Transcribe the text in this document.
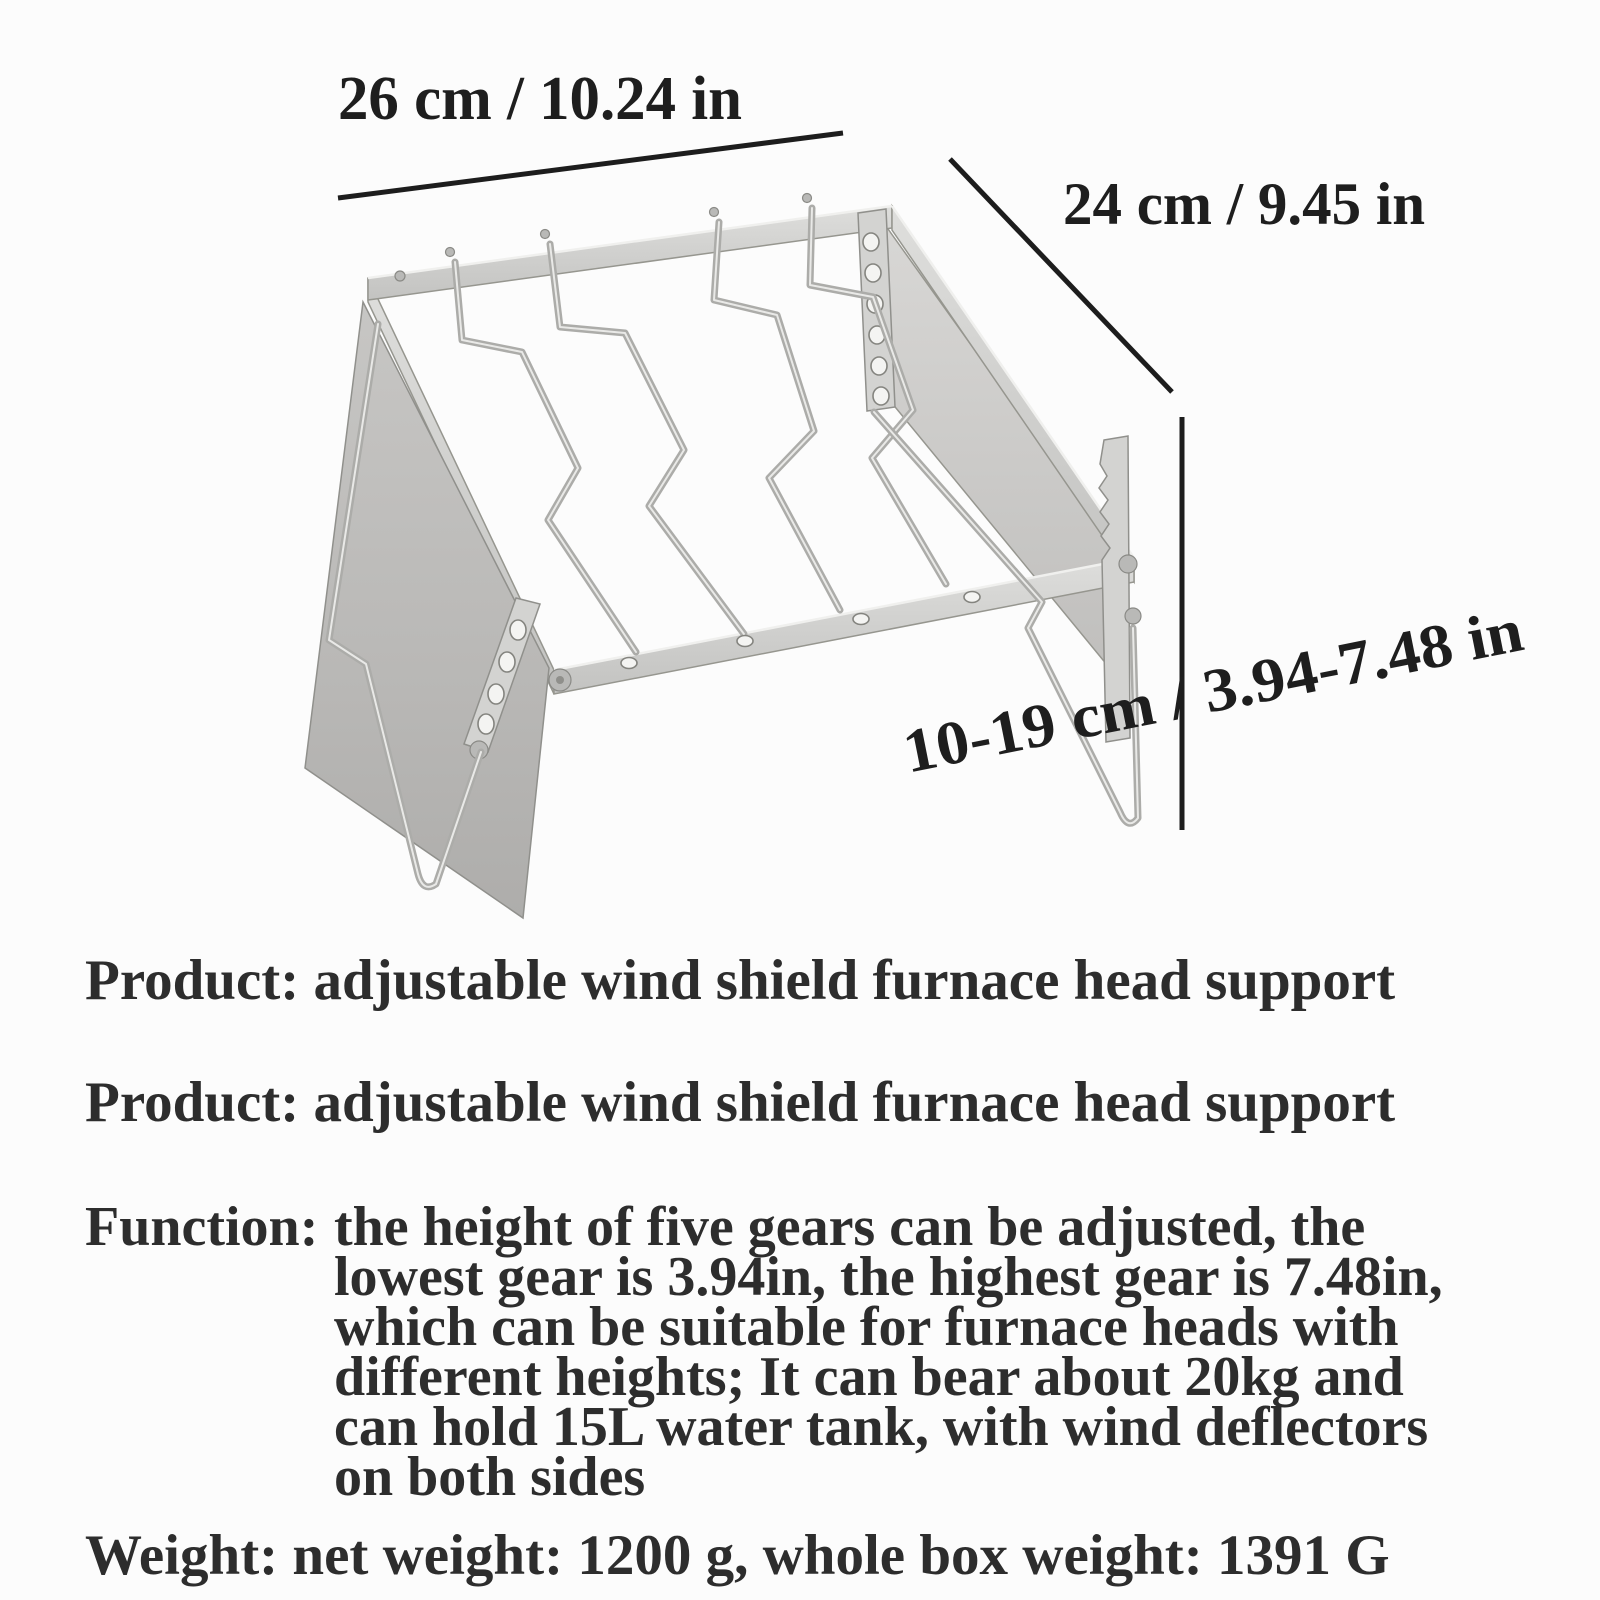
26 cm / 10.24 in
24 cm / 9.45 in
10-19 cm / 3.94-7.48 in

Product: adjustable wind shield furnace head support

Product: adjustable wind shield furnace head support

Function: the height of five gears can be adjusted, the
lowest gear is 3.94in, the highest gear is 7.48in,
which can be suitable for furnace heads with
different heights; It can bear about 20kg and
can hold 15L water tank, with wind deflectors
on both sides

Weight: net weight: 1200 g, whole box weight: 1391 G
